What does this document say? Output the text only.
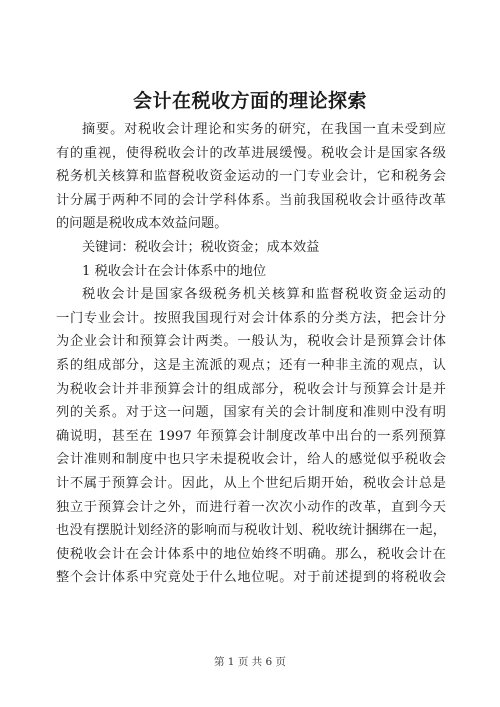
会计在税收方面的理论探索
摘要。对税收会计理论和实务的研究，在我国一直未受到应
有的重视，使得税收会计的改革进展缓慢。税收会计是国家各级
税务机关核算和监督税收资金运动的一门专业会计，它和税务会
计分属于两种不同的会计学科体系。当前我国税收会计亟待改革
的问题是税收成本效益问题。
关键词：税收会计；税收资金；成本效益
1 税收会计在会计体系中的地位
税收会计是国家各级税务机关核算和监督税收资金运动的
一门专业会计。按照我国现行对会计体系的分类方法，把会计分
为企业会计和预算会计两类。一般认为，税收会计是预算会计体
系的组成部分，这是主流派的观点；还有一种非主流的观点，认
为税收会计并非预算会计的组成部分，税收会计与预算会计是并
列的关系。对于这一问题，国家有关的会计制度和准则中没有明
确说明，甚至在 1997 年预算会计制度改革中出台的一系列预算
会计准则和制度中也只字未提税收会计，给人的感觉似乎税收会
计不属于预算会计。因此，从上个世纪后期开始，税收会计总是
独立于预算会计之外，而进行着一次次小动作的改革，直到今天
也没有摆脱计划经济的影响而与税收计划、税收统计捆绑在一起，
使税收会计在会计体系中的地位始终不明确。那么，税收会计在
整个会计体系中究竟处于什么地位呢。对于前述提到的将税收会
第 1 页 共 6 页
